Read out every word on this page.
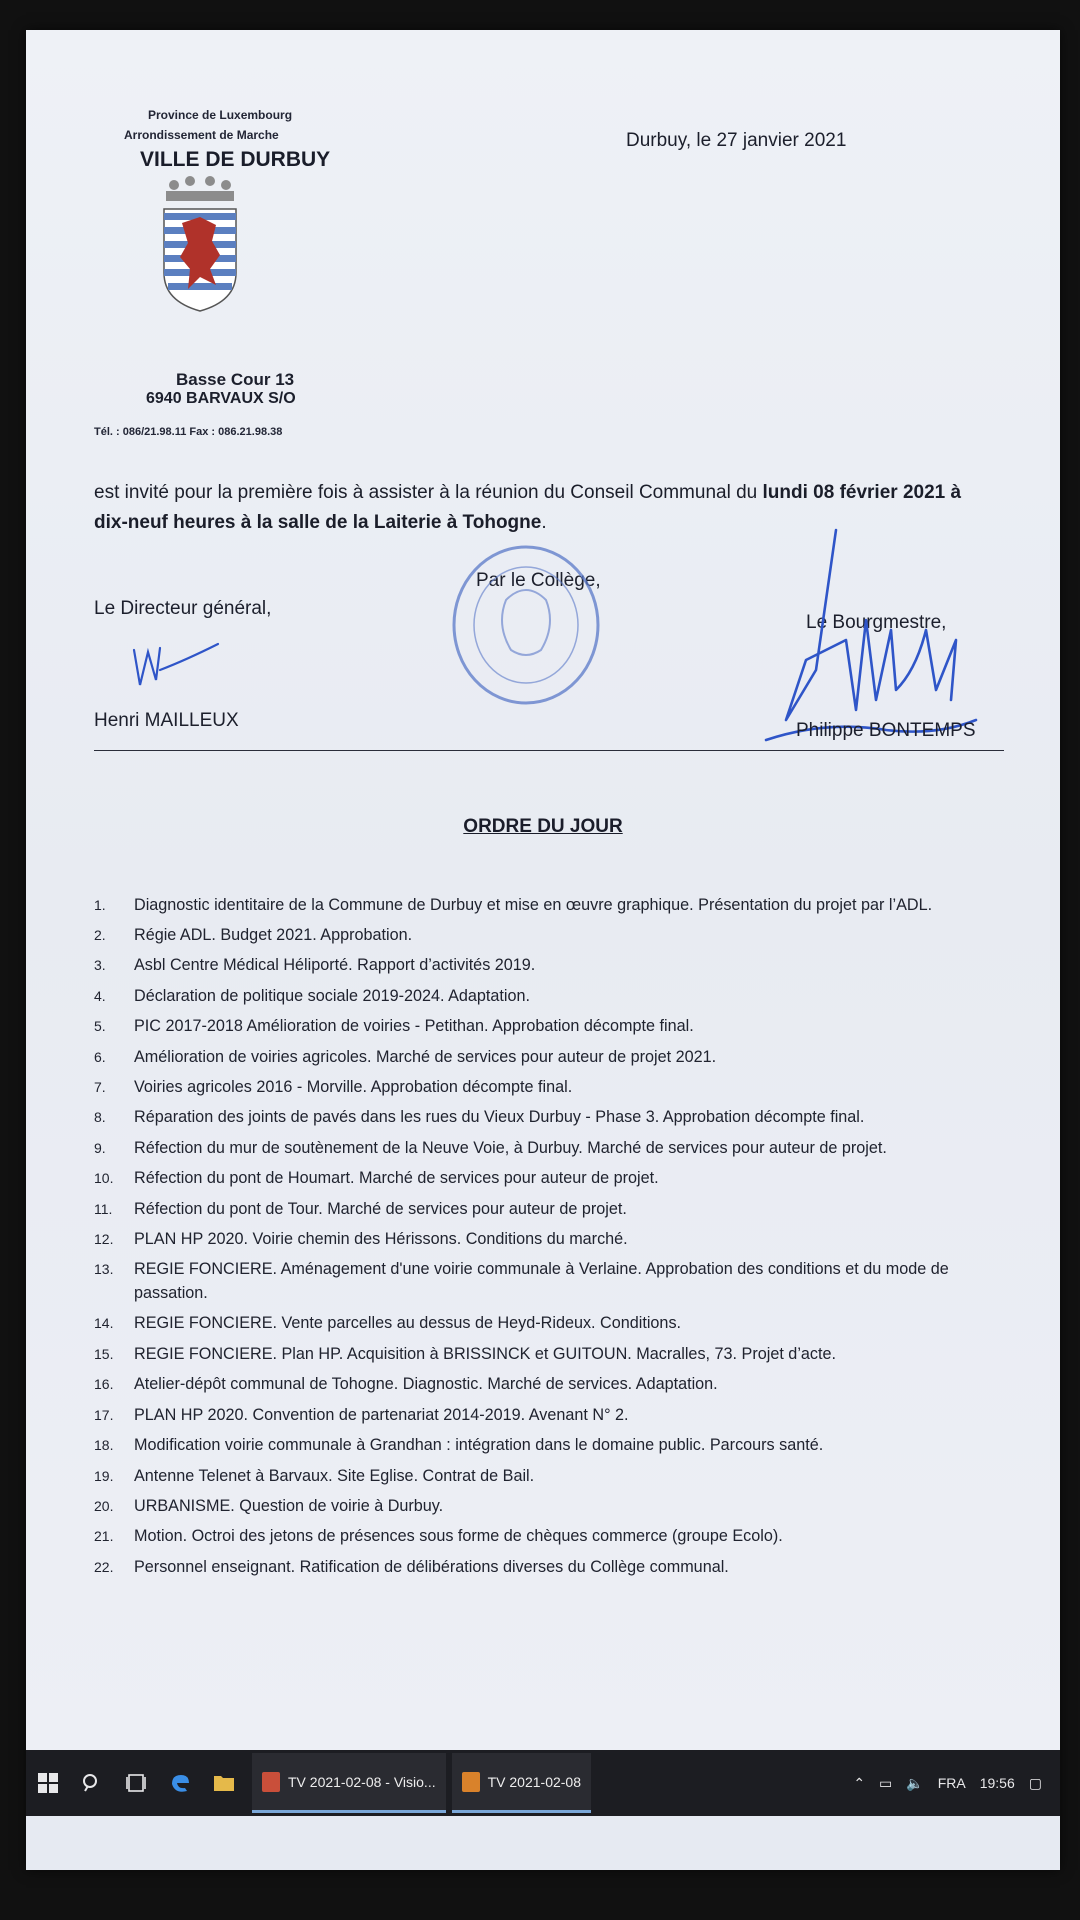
Province de Luxembourg
Arrondissement de Marche
VILLE DE DURBUY
Durbuy, le 27 janvier 2021
Basse Cour 13
6940 BARVAUX S/O
Tél. : 086/21.98.11 Fax : 086.21.98.38
est invité pour la première fois à assister à la réunion du Conseil Communal du lundi 08 février 2021 à
dix-neuf heures à la salle de la Laiterie à Tohogne.
Par le Collège,
Le Directeur général,
Le Bourgmestre,
Henri MAILLEUX	Philippe BONTEMPS
ORDRE DU JOUR
1.	Diagnostic identitaire de la Commune de Durbuy et mise en œuvre graphique. Présentation du projet par l’ADL.
2.	Régie ADL. Budget 2021. Approbation.
3.	Asbl Centre Médical Héliporté. Rapport d’activités 2019.
4.	Déclaration de politique sociale 2019-2024. Adaptation.
5.	PIC 2017-2018 Amélioration de voiries - Petithan. Approbation décompte final.
6.	Amélioration de voiries agricoles. Marché de services pour auteur de projet 2021.
7.	Voiries agricoles 2016 - Morville. Approbation décompte final.
8.	Réparation des joints de pavés dans les rues du Vieux Durbuy - Phase 3. Approbation décompte final.
9.	Réfection du mur de soutènement de la Neuve Voie, à Durbuy. Marché de services pour auteur de projet.
10.	Réfection du pont de Houmart. Marché de services pour auteur de projet.
11.	Réfection du pont de Tour. Marché de services pour auteur de projet.
12.	PLAN HP 2020. Voirie chemin des Hérissons. Conditions du marché.
13.	REGIE FONCIERE. Aménagement d'une voirie communale à Verlaine. Approbation des conditions et du mode de passation.
14.	REGIE FONCIERE. Vente parcelles au dessus de Heyd-Rideux. Conditions.
15.	REGIE FONCIERE. Plan HP. Acquisition à BRISSINCK et GUITOUN. Macralles, 73. Projet d’acte.
16.	Atelier-dépôt communal de Tohogne. Diagnostic. Marché de services. Adaptation.
17.	PLAN HP 2020. Convention de partenariat 2014-2019. Avenant N° 2.
18.	Modification voirie communale à Grandhan : intégration dans le domaine public. Parcours santé.
19.	Antenne Telenet à Barvaux. Site Eglise. Contrat de Bail.
20.	URBANISME. Question de voirie à Durbuy.
21.	Motion. Octroi des jetons de présences sous forme de chèques commerce (groupe Ecolo).
22.	Personnel enseignant. Ratification de délibérations diverses du Collège communal.
TV 2021-02-08 - Visio...	TV 2021-02-08	⌃ ▭ 🔈 FRA 19:56 ▢
